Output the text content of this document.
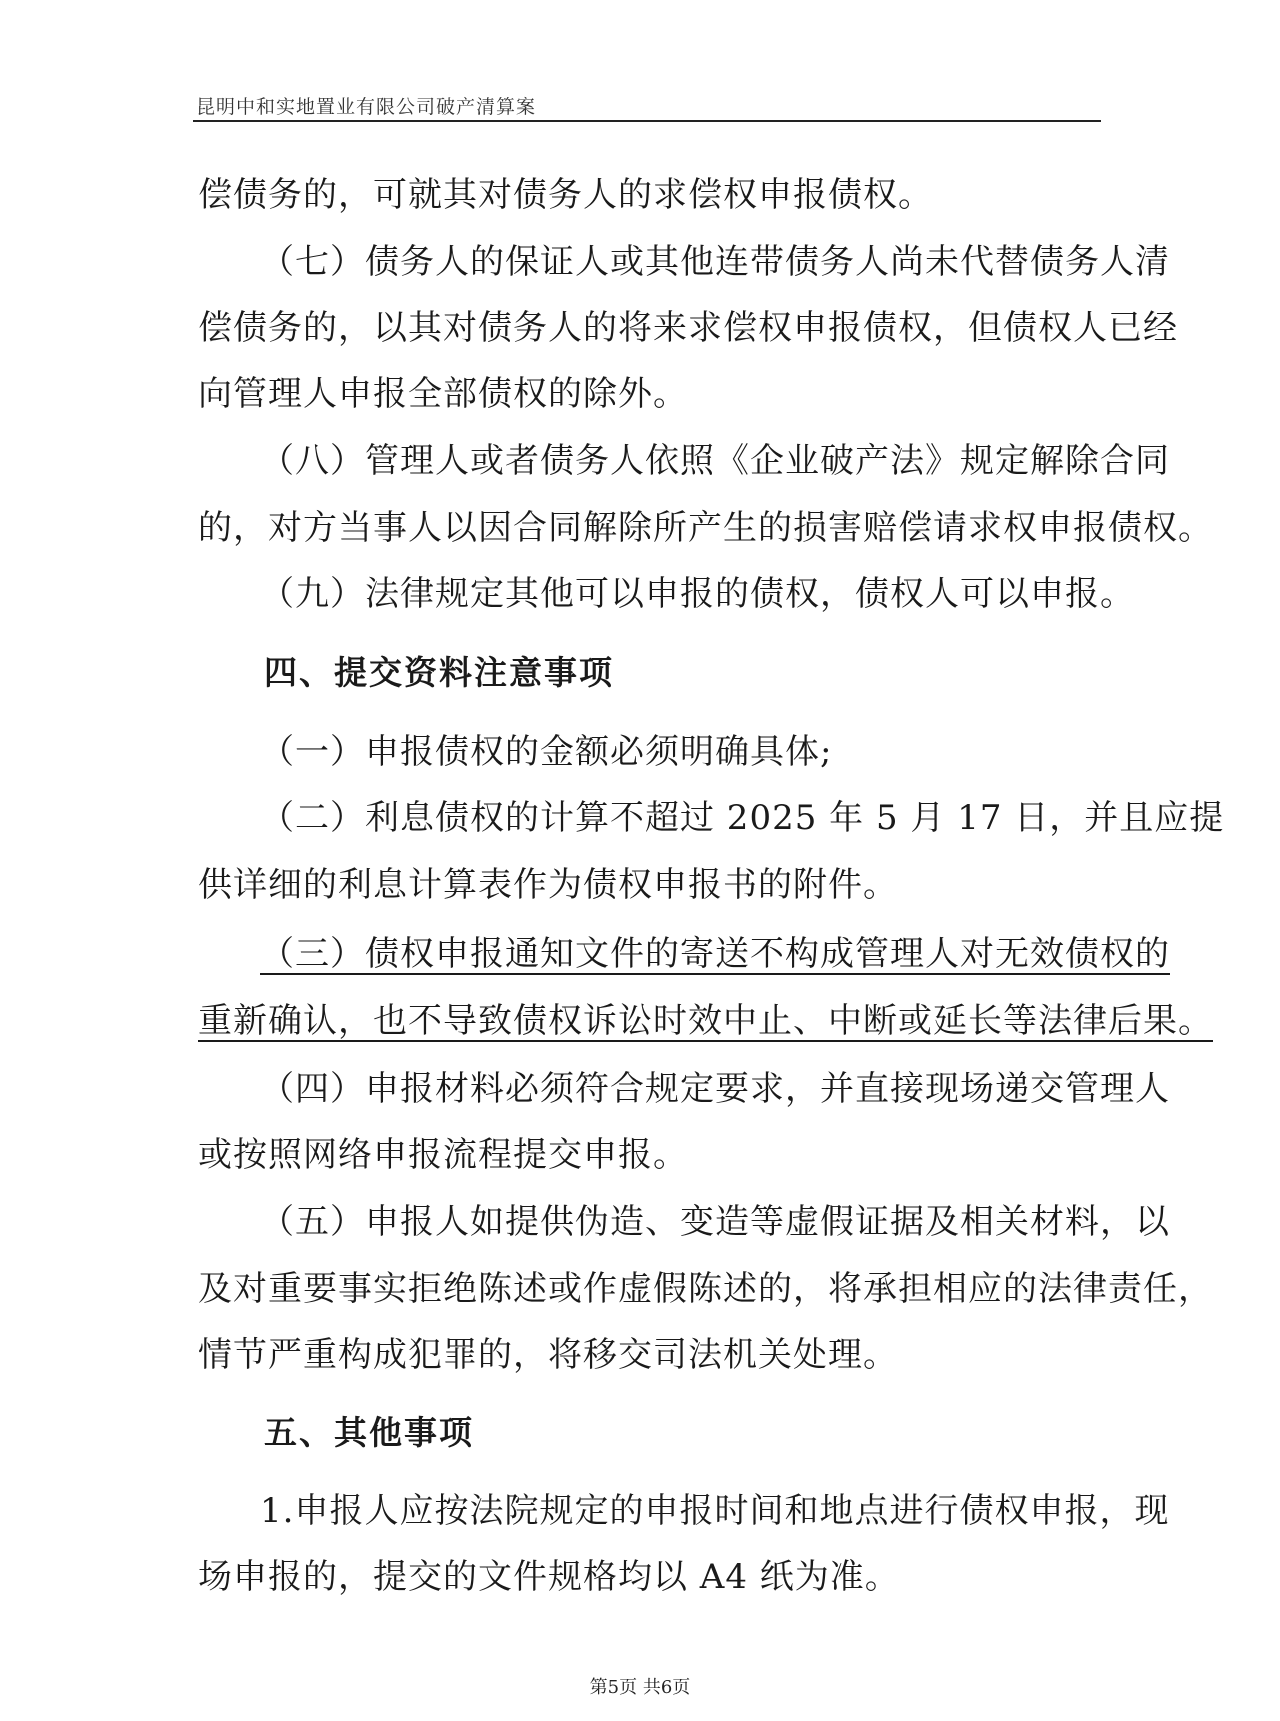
昆明中和实地置业有限公司破产清算案
偿债务的，可就其对债务人的求偿权申报债权。
（七）债务人的保证人或其他连带债务人尚未代替债务人清
偿债务的，以其对债务人的将来求偿权申报债权，但债权人已经
向管理人申报全部债权的除外。
（八）管理人或者债务人依照《企业破产法》规定解除合同
的，对方当事人以因合同解除所产生的损害赔偿请求权申报债权。
（九）法律规定其他可以申报的债权，债权人可以申报。
四、提交资料注意事项
（一）申报债权的金额必须明确具体;
（二）利息债权的计算不超过 2025 年 5 月 17 日，并且应提
供详细的利息计算表作为债权申报书的附件。
（三）债权申报通知文件的寄送不构成管理人对无效债权的
重新确认，也不导致债权诉讼时效中止、中断或延长等法律后果。
（四）申报材料必须符合规定要求，并直接现场递交管理人
或按照网络申报流程提交申报。
（五）申报人如提供伪造、变造等虚假证据及相关材料，以
及对重要事实拒绝陈述或作虚假陈述的，将承担相应的法律责任，
情节严重构成犯罪的，将移交司法机关处理。
五、其他事项
1.申报人应按法院规定的申报时间和地点进行债权申报，现
场申报的，提交的文件规格均以 A4 纸为准。
第5页 共6页
